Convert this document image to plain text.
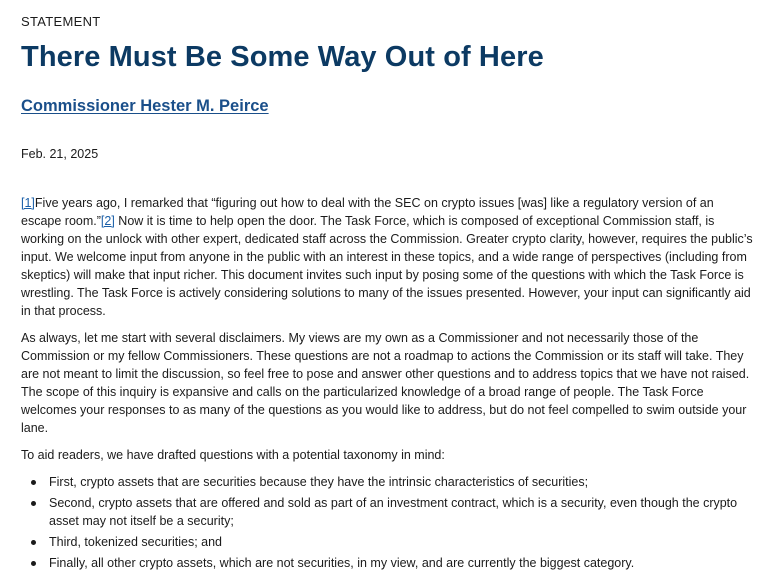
STATEMENT
There Must Be Some Way Out of Here
Commissioner Hester M. Peirce
Feb. 21, 2025

[1]Five years ago, I remarked that “figuring out how to deal with the SEC on crypto issues [was] like a regulatory version of an escape room.”[2] Now it is time to help open the door. The Task Force, which is composed of exceptional Commission staff, is working on the unlock with other expert, dedicated staff across the Commission. Greater crypto clarity, however, requires the public’s input. We welcome input from anyone in the public with an interest in these topics, and a wide range of perspectives (including from skeptics) will make that input richer. This document invites such input by posing some of the questions with which the Task Force is wrestling. The Task Force is actively considering solutions to many of the issues presented. However, your input can significantly aid in that process.

As always, let me start with several disclaimers. My views are my own as a Commissioner and not necessarily those of the Commission or my fellow Commissioners. These questions are not a roadmap to actions the Commission or its staff will take. They are not meant to limit the discussion, so feel free to pose and answer other questions and to address topics that we have not raised. The scope of this inquiry is expansive and calls on the particularized knowledge of a broad range of people. The Task Force welcomes your responses to as many of the questions as you would like to address, but do not feel compelled to swim outside your lane.

To aid readers, we have drafted questions with a potential taxonomy in mind:

First, crypto assets that are securities because they have the intrinsic characteristics of securities;
Second, crypto assets that are offered and sold as part of an investment contract, which is a security, even though the crypto asset may not itself be a security;
Third, tokenized securities; and
Finally, all other crypto assets, which are not securities, in my view, and are currently the biggest category.
